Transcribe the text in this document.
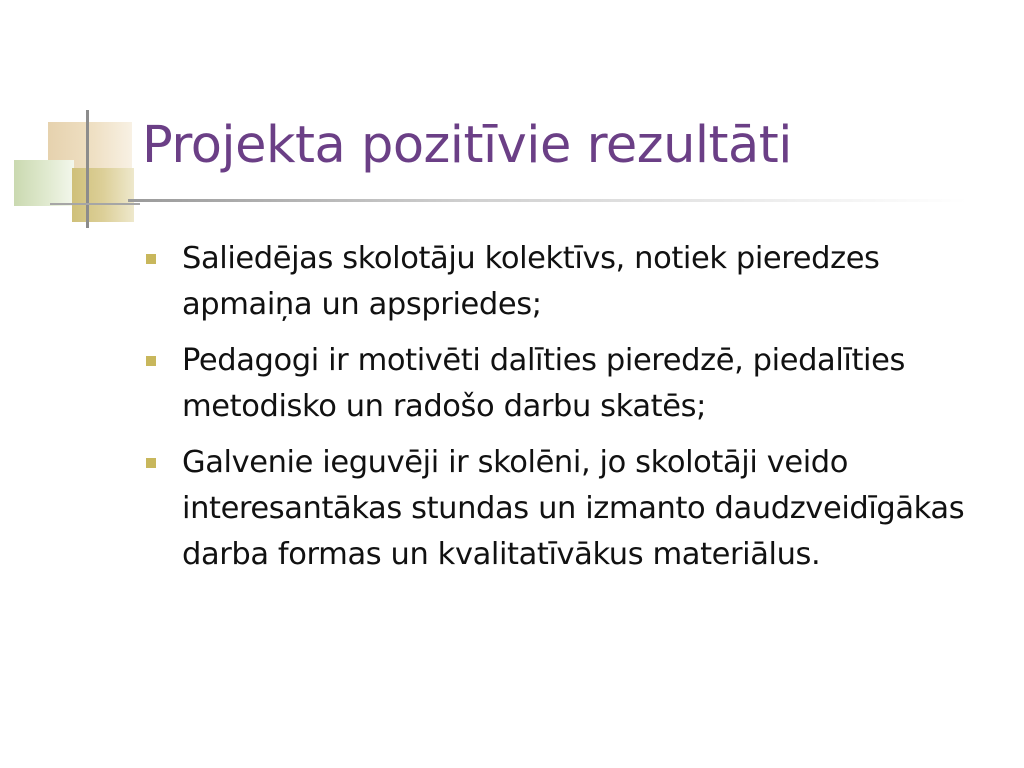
Projekta pozitīvie rezultāti
Saliedējas skolotāju kolektīvs, notiek pieredzes apmaiņa un apspriedes;
Pedagogi ir motivēti dalīties pieredzē, piedalīties metodisko un radošo darbu skatēs;
Galvenie ieguvēji ir skolēni, jo skolotāji veido interesantākas stundas un izmanto daudzveidīgākas darba formas un kvalitatīvākus materiālus.
